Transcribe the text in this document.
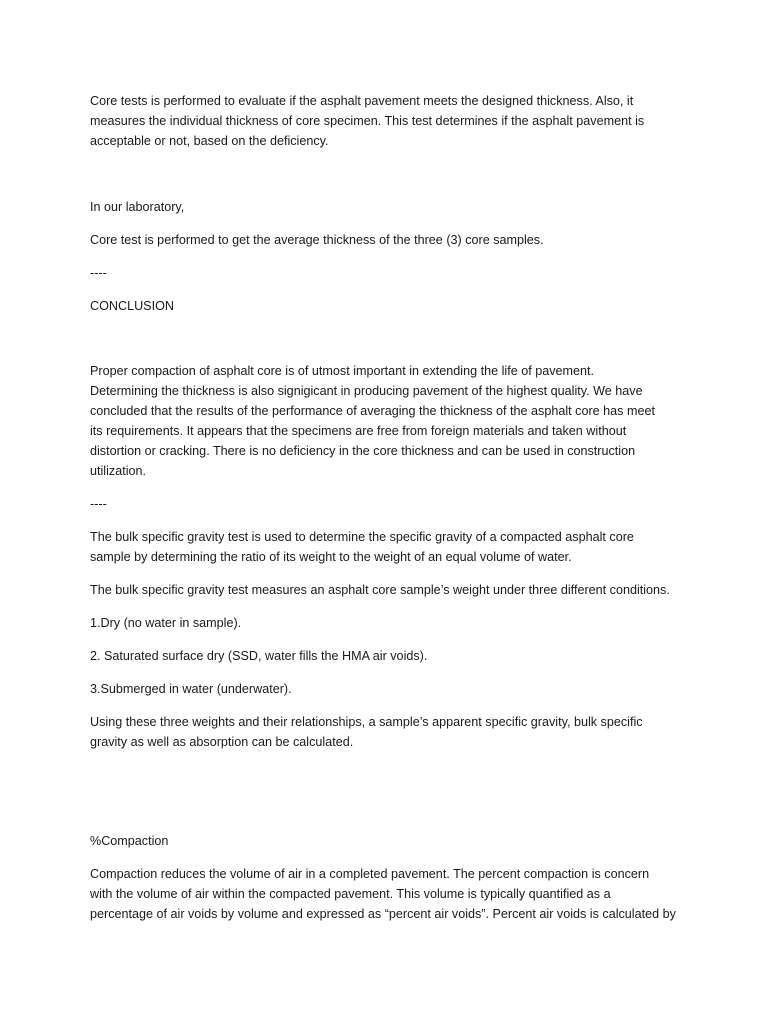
Core tests is performed to evaluate if the asphalt pavement meets the designed thickness. Also, it
measures the individual thickness of core specimen. This test determines if the asphalt pavement is
acceptable or not, based on the deficiency.

In our laboratory,

Core test is performed to get the average thickness of the three (3) core samples.

----

CONCLUSION

Proper compaction of asphalt core is of utmost important in extending the life of pavement.
Determining the thickness is also signigicant in producing pavement of the highest quality. We have
concluded that the results of the performance of averaging the thickness of the asphalt core has meet
its requirements. It appears that the specimens are free from foreign materials and taken without
distortion or cracking. There is no deficiency in the core thickness and can be used in construction
utilization.

----

The bulk specific gravity test is used to determine the specific gravity of a compacted asphalt core
sample by determining the ratio of its weight to the weight of an equal volume of water.

The bulk specific gravity test measures an asphalt core sample’s weight under three different conditions.

1.Dry (no water in sample).

2. Saturated surface dry (SSD, water fills the HMA air voids).

3.Submerged in water (underwater).

Using these three weights and their relationships, a sample’s apparent specific gravity, bulk specific
gravity as well as absorption can be calculated.

%Compaction

Compaction reduces the volume of air in a completed pavement. The percent compaction is concern
with the volume of air within the compacted pavement. This volume is typically quantified as a
percentage of air voids by volume and expressed as “percent air voids”. Percent air voids is calculated by
